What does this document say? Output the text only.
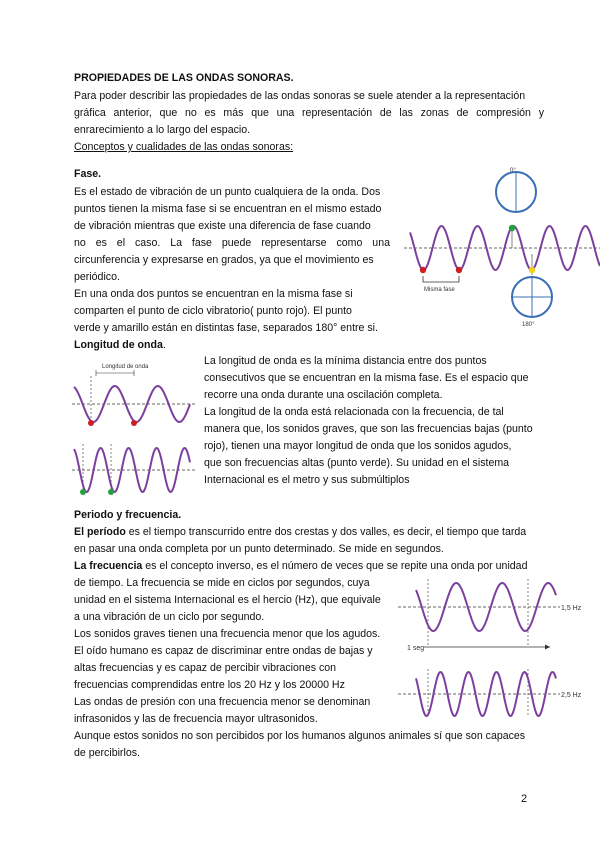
PROPIEDADES DE LAS ONDAS SONORAS.
Para poder describir las propiedades de las ondas sonoras se suele atender a la representación
gráfica anterior, que no es más que una representación de las zonas de compresión y
enrarecimiento a lo largo del espacio.
Conceptos y cualidades de las ondas sonoras:
Fase.
Es el estado de vibración de un punto cualquiera de la onda. Dos
puntos tienen la misma fase si se encuentran en el mismo estado
de vibración mientras que existe una diferencia de fase cuando
no es el caso. La fase puede representarse como una
circunferencia y expresarse en grados, ya que el movimiento es
periódico.
En una onda dos puntos se encuentran en la misma fase si
comparten el punto de ciclo vibratorio( punto rojo). El punto
verde y amarillo están en distintas fase, separados 180° entre si.
0°
Misma fase
180°
Longitud de onda.
Longitud de onda	La longitud de onda es la mínima distancia entre dos puntos
consecutivos que se encuentran en la misma fase. Es el espacio que
recorre una onda durante una oscilación completa.
La longitud de la onda está relacionada con la frecuencia, de tal
manera que, los sonidos graves, que son las frecuencias bajas (punto
rojo), tienen una mayor longitud de onda que los sonidos agudos,
que son frecuencias altas (punto verde). Su unidad en el sistema
Internacional es el metro y sus submúltiplos
Periodo y frecuencia.
El período es el tiempo transcurrido entre dos crestas y dos valles, es decir, el tiempo que tarda
en pasar una onda completa por un punto determinado. Se mide en segundos.
La frecuencia es el concepto inverso, es el número de veces que se repite una onda por unidad
de tiempo. La frecuencia se mide en ciclos por segundos, cuya
unidad en el sistema Internacional es el hercio (Hz), que equivale
a una vibración de un ciclo por segundo.
Los sonidos graves tienen una frecuencia menor que los agudos.
El oído humano es capaz de discriminar entre ondas de bajas y
altas frecuencias y es capaz de percibir vibraciones con
frecuencias comprendidas entre los 20 Hz y los 20000 Hz
Las ondas de presión con una frecuencia menor se denominan
infrasonidos y las de frecuencia mayor ultrasonidos.
Aunque estos sonidos no son percibidos por los humanos algunos animales sí que son capaces
de percibirlos.
1,5 Hz
1 seg
2,5 Hz
2
